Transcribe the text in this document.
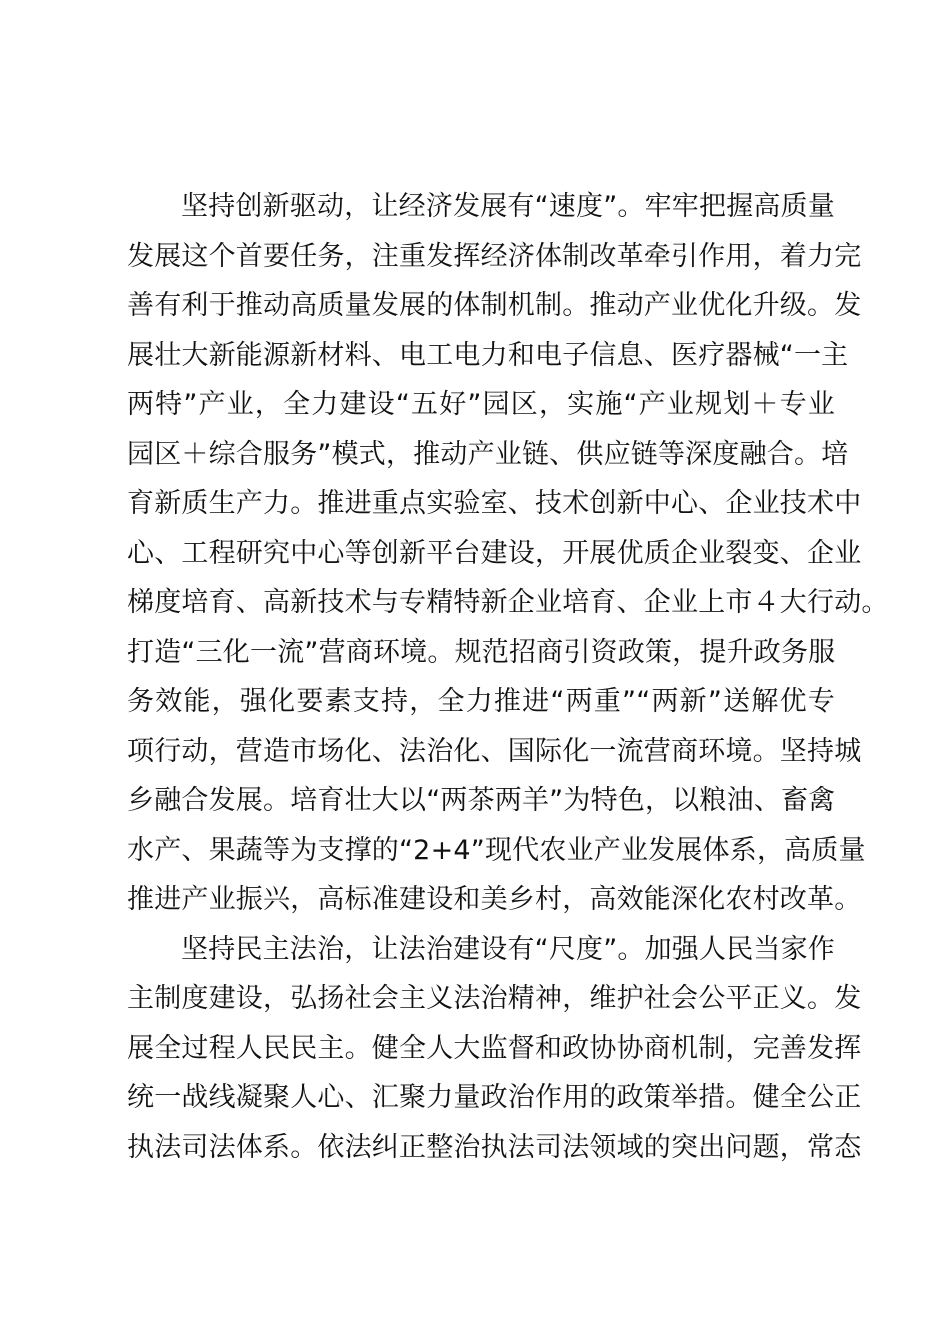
坚持创新驱动，让经济发展有“速度”。牢牢把握高质量
发展这个首要任务，注重发挥经济体制改革牵引作用，着力完
善有利于推动高质量发展的体制机制。推动产业优化升级。发
展壮大新能源新材料、电工电力和电子信息、医疗器械“一主
两特”产业，全力建设“五好”园区，实施“产业规划＋专业
园区＋综合服务”模式，推动产业链、供应链等深度融合。培
育新质生产力。推进重点实验室、技术创新中心、企业技术中
心、工程研究中心等创新平台建设，开展优质企业裂变、企业
梯度培育、高新技术与专精特新企业培育、企业上市４大行动。
打造“三化一流”营商环境。规范招商引资政策，提升政务服
务效能，强化要素支持，全力推进“两重”“两新”送解优专
项行动，营造市场化、法治化、国际化一流营商环境。坚持城
乡融合发展。培育壮大以“两茶两羊”为特色，以粮油、畜禽
水产、果蔬等为支撑的“2+4”现代农业产业发展体系，高质量
推进产业振兴，高标准建设和美乡村，高效能深化农村改革。
坚持民主法治，让法治建设有“尺度”。加强人民当家作
主制度建设，弘扬社会主义法治精神，维护社会公平正义。发
展全过程人民民主。健全人大监督和政协协商机制，完善发挥
统一战线凝聚人心、汇聚力量政治作用的政策举措。健全公正
执法司法体系。依法纠正整治执法司法领域的突出问题，常态
